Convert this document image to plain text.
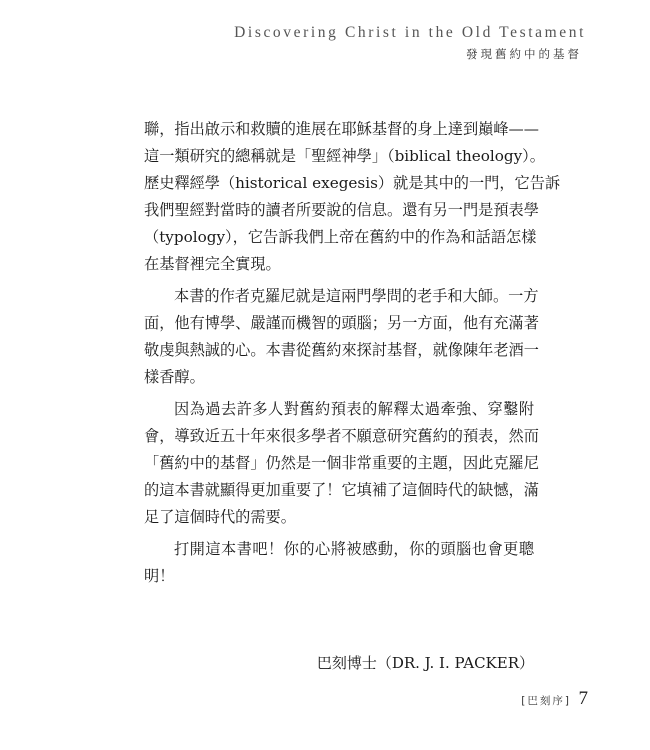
Discovering Christ in the Old Testament
發現舊約中的基督
聯，指出啟示和救贖的進展在耶穌基督的身上達到巔峰——
這一類研究的總稱就是「聖經神學」（biblical theology）。
歷史釋經學（historical exegesis）就是其中的一門，它告訴
我們聖經對當時的讀者所要說的信息。還有另一門是預表學
（typology），它告訴我們上帝在舊約中的作為和話語怎樣
在基督裡完全實現。
本書的作者克羅尼就是這兩門學問的老手和大師。一方
面，他有博學、嚴謹而機智的頭腦；另一方面，他有充滿著
敬虔與熱誠的心。本書從舊約來探討基督，就像陳年老酒一
樣香醇。
因為過去許多人對舊約預表的解釋太過牽強、穿鑿附
會，導致近五十年來很多學者不願意研究舊約的預表，然而
「舊約中的基督」仍然是一個非常重要的主題，因此克羅尼
的這本書就顯得更加重要了！它填補了這個時代的缺憾，滿
足了這個時代的需要。
打開這本書吧！你的心將被感動，你的頭腦也會更聰
明！
巴刻博士（DR. J. I. PACKER）
[巴刻序] 7
